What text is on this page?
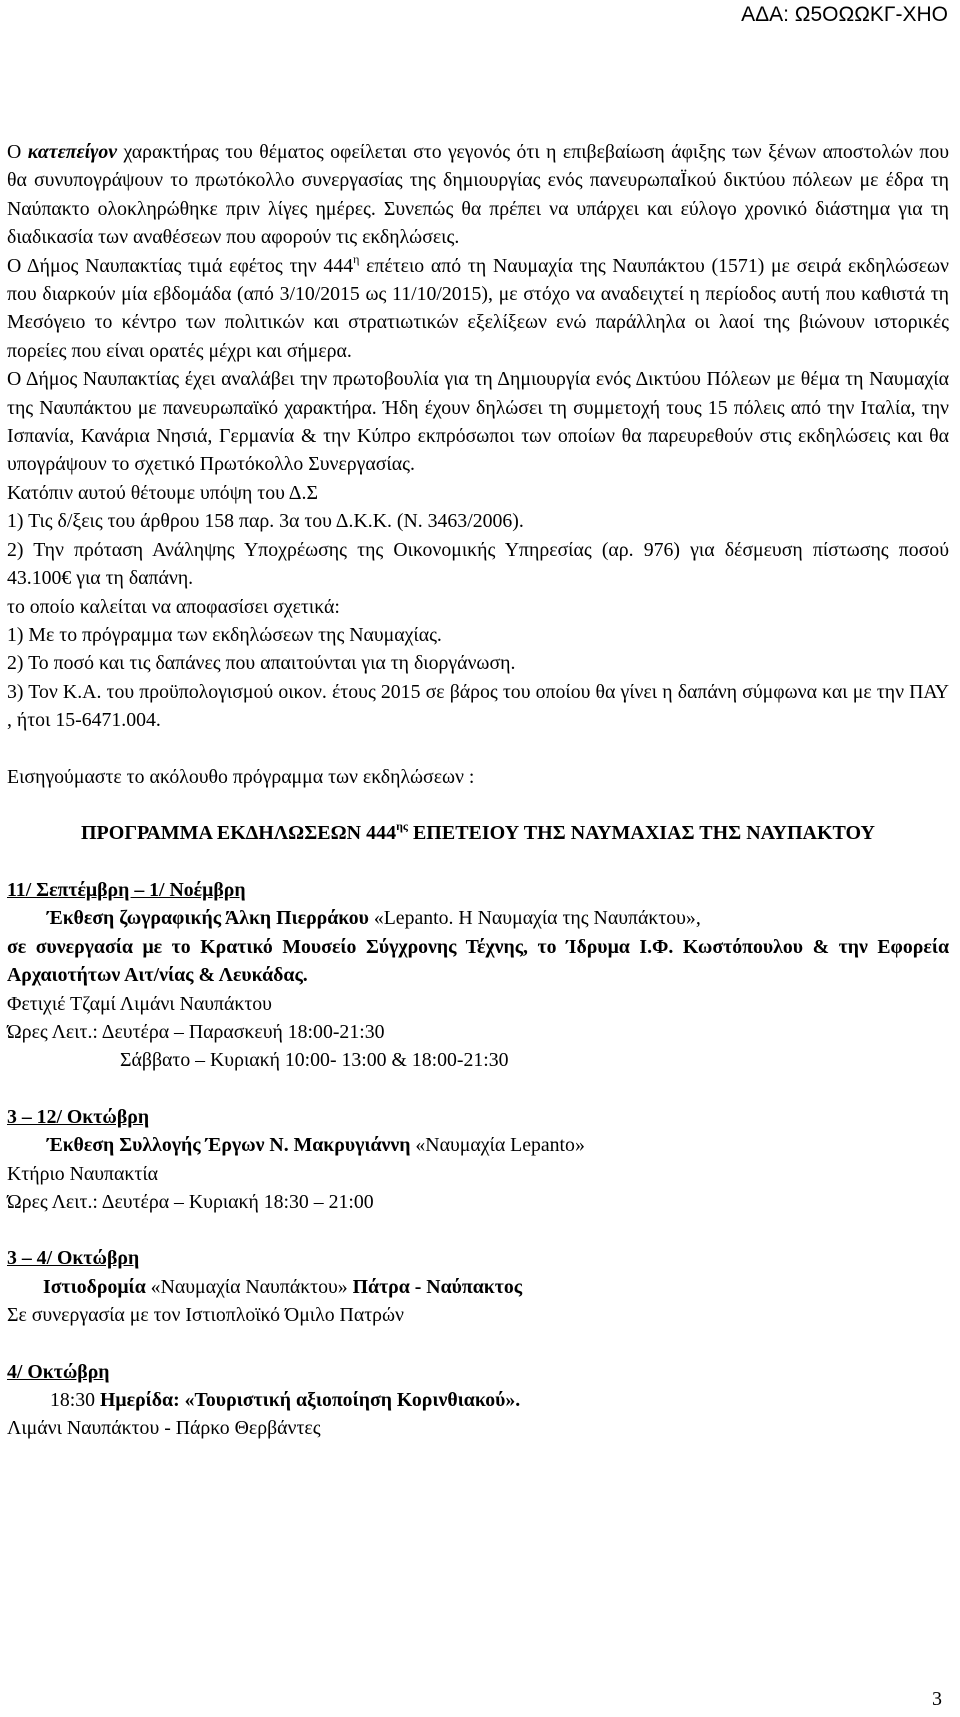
ΑΔΑ: Ω5ΟΩΩΚΓ-ΧΗΟ

Ο κατεπείγον χαρακτήρας του θέματος οφείλεται στο γεγονός ότι η επιβεβαίωση άφιξης των ξένων αποστολών που θα συνυπογράψουν το πρωτόκολλο συνεργασίας της δημιουργίας ενός πανευρωπαΪκού δικτύου πόλεων με έδρα τη Ναύπακτο ολοκληρώθηκε πριν λίγες ημέρες. Συνεπώς θα πρέπει να υπάρχει και εύλογο χρονικό διάστημα για τη διαδικασία των αναθέσεων που αφορούν τις εκδηλώσεις.

Ο Δήμος Ναυπακτίας τιμά εφέτος την $444^\eta$ επέτειο από τη Ναυμαχία της Ναυπάκτου (1571) με σειρά εκδηλώσεων που διαρκούν μία εβδομάδα (από 3/10/2015 ως 11/10/2015), με στόχο να αναδειχτεί η περίοδος αυτή που καθιστά τη Μεσόγειο το κέντρο των πολιτικών και στρατιωτικών εξελίξεων ενώ παράλληλα οι λαοί της βιώνουν ιστορικές πορείες που είναι ορατές μέχρι και σήμερα.

Ο Δήμος Ναυπακτίας έχει αναλάβει την πρωτοβουλία για τη Δημιουργία ενός Δικτύου Πόλεων με θέμα τη Ναυμαχία της Ναυπάκτου με πανευρωπαϊκό χαρακτήρα. Ήδη έχουν δηλώσει τη συμμετοχή τους 15 πόλεις από την Ιταλία, την Ισπανία, Κανάρια Νησιά, Γερμανία & την Κύπρο εκπρόσωποι των οποίων θα παρευρεθούν στις εκδηλώσεις και θα υπογράψουν το σχετικό Πρωτόκολλο Συνεργασίας.

Κατόπιν αυτού θέτουμε υπόψη του Δ.Σ

1) Τις δ/ξεις του άρθρου 158 παρ. 3α του Δ.Κ.Κ. (Ν. 3463/2006).

2) Την πρόταση Ανάληψης Υποχρέωσης της Οικονομικής Υπηρεσίας (αρ. 976) για δέσμευση πίστωσης ποσού 43.100€ για τη δαπάνη.

το οποίο καλείται να αποφασίσει σχετικά:

1) Με το πρόγραμμα των εκδηλώσεων της Ναυμαχίας.

2) Το ποσό και τις δαπάνες που απαιτούνται για τη διοργάνωση.

3) Τον Κ.Α. του προϋπολογισμού οικον. έτους 2015 σε βάρος του οποίου θα γίνει η δαπάνη σύμφωνα και με την ΠΑΥ , ήτοι 15-6471.004.

Εισηγούμαστε το ακόλουθο πρόγραμμα των εκδηλώσεων :

ΠΡΟΓΡΑΜΜΑ ΕΚΔΗΛΩΣΕΩΝ $444^{\eta\varsigma}$ ΕΠΕΤΕΙΟΥ ΤΗΣ ΝΑΥΜΑΧΙΑΣ ΤΗΣ ΝΑΥΠΑΚΤΟΥ

11/ Σεπτέμβρη – 1/ Νοέμβρη

Έκθεση ζωγραφικής Άλκη Πιερράκου «Lepanto. Η Ναυμαχία της Ναυπάκτου»,

σε συνεργασία με το Κρατικό Μουσείο Σύγχρονης Τέχνης, το Ίδρυμα Ι.Φ. Κωστόπουλου & την Εφορεία Αρχαιοτήτων Αιτ/νίας & Λευκάδας.

Φετιχιέ Τζαμί Λιμάνι Ναυπάκτου

Ώρες Λειτ.: Δευτέρα – Παρασκευή 18:00-21:30

Σάββατο – Κυριακή 10:00- 13:00 & 18:00-21:30

3 – 12/ Οκτώβρη

Έκθεση Συλλογής Έργων Ν. Μακρυγιάννη «Ναυμαχία Lepanto»

Κτήριο Ναυπακτία

Ώρες Λειτ.: Δευτέρα – Κυριακή 18:30 – 21:00

3 – 4/ Οκτώβρη

Ιστιοδρομία «Ναυμαχία Ναυπάκτου» Πάτρα - Ναύπακτος

Σε συνεργασία με τον Ιστιοπλοϊκό Όμιλο Πατρών

4/ Οκτώβρη

18:30 Ημερίδα: «Τουριστική αξιοποίηση Κορινθιακού».

Λιμάνι Ναυπάκτου - Πάρκο Θερβάντες

3
